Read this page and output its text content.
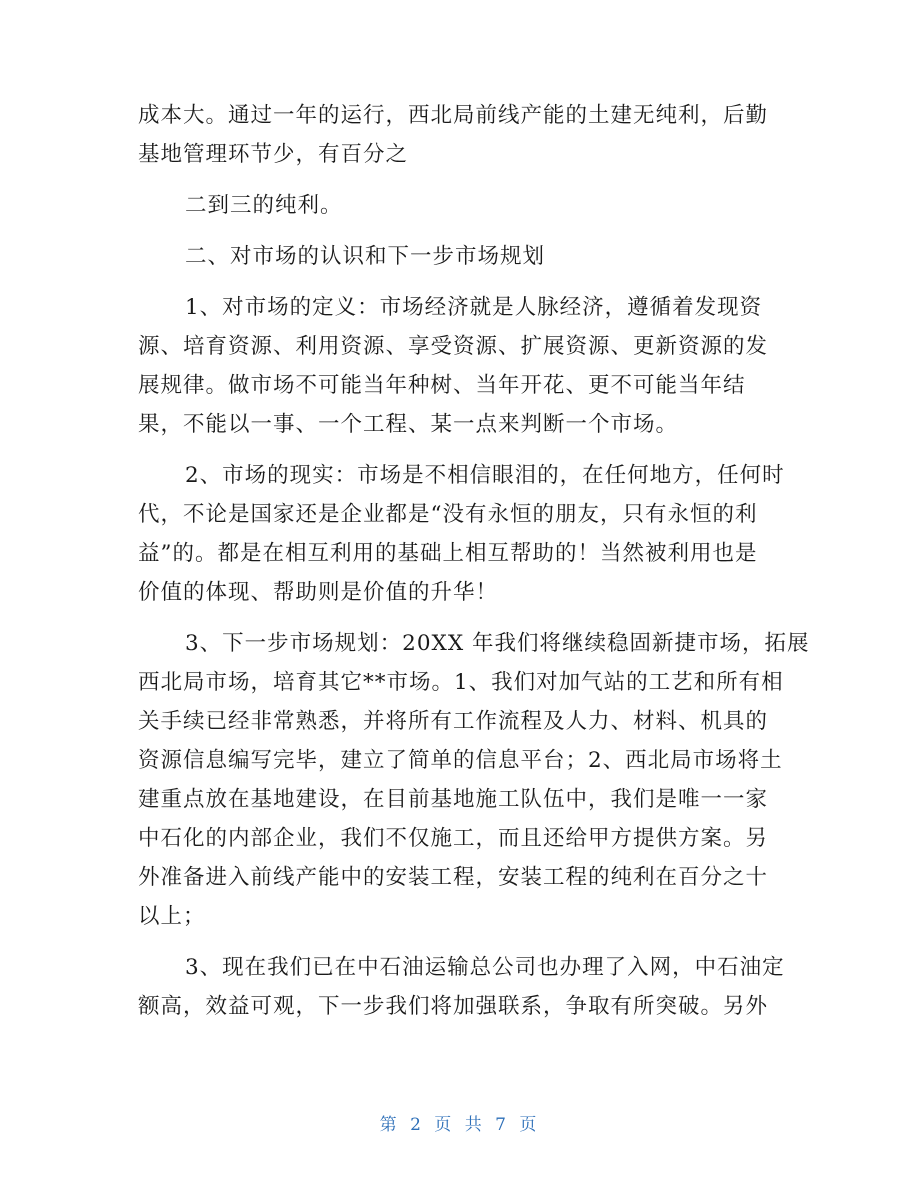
成本大。通过一年的运行，西北局前线产能的土建无纯利，后勤
基地管理环节少，有百分之
二到三的纯利。
二、对市场的认识和下一步市场规划
1、对市场的定义：市场经济就是人脉经济，遵循着发现资
源、培育资源、利用资源、享受资源、扩展资源、更新资源的发
展规律。做市场不可能当年种树、当年开花、更不可能当年结
果，不能以一事、一个工程、某一点来判断一个市场。
2、市场的现实：市场是不相信眼泪的，在任何地方，任何时
代，不论是国家还是企业都是“没有永恒的朋友，只有永恒的利
益”的。都是在相互利用的基础上相互帮助的！当然被利用也是
价值的体现、帮助则是价值的升华！
3、下一步市场规划：20XX 年我们将继续稳固新捷市场，拓展
西北局市场，培育其它**市场。1、我们对加气站的工艺和所有相
关手续已经非常熟悉，并将所有工作流程及人力、材料、机具的
资源信息编写完毕，建立了简单的信息平台；2、西北局市场将土
建重点放在基地建设，在目前基地施工队伍中，我们是唯一一家
中石化的内部企业，我们不仅施工，而且还给甲方提供方案。另
外准备进入前线产能中的安装工程，安装工程的纯利在百分之十
以上；
3、现在我们已在中石油运输总公司也办理了入网，中石油定
额高，效益可观，下一步我们将加强联系，争取有所突破。另外
第 2 页 共 7 页
